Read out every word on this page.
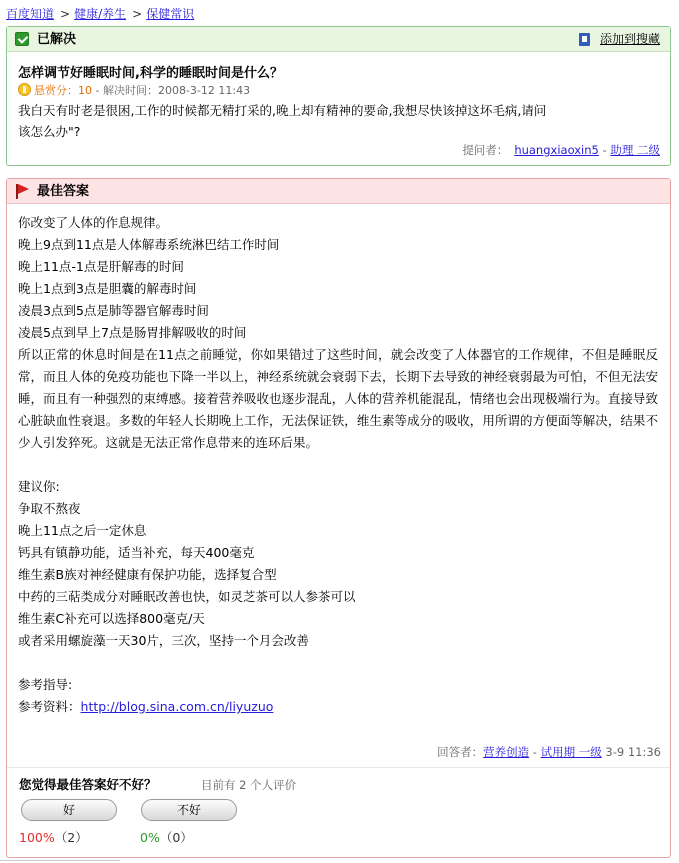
百度知道 > 健康/养生 > 保健常识
已解决	添加到搜藏
怎样调节好睡眠时间,科学的睡眠时间是什么？
悬赏分：10 - 解决时间：2008-3-12 11:43
我白天有时老是很困,工作的时候都无精打采的,晚上却有精神的要命,我想尽快该掉这坏毛病,请问
该怎么办"?
提问者： huangxiaoxin5 - 助理 二级
最佳答案
你改变了人体的作息规律。
晚上9点到11点是人体解毒系统淋巴结工作时间
晚上11点-1点是肝解毒的时间
晚上1点到3点是胆囊的解毒时间
凌晨3点到5点是肺等器官解毒时间
凌晨5点到早上7点是肠胃排解吸收的时间
所以正常的休息时间是在11点之前睡觉，你如果错过了这些时间，就会改变了人体器官的工作规律，不但是睡眠反常，而且人体的免疫功能也下降一半以上，神经系统就会衰弱下去，长期下去导致的神经衰弱最为可怕，不但无法安睡，而且有一种强烈的束缚感。接着营养吸收也逐步混乱，人体的营养机能混乱，情绪也会出现极端行为。直接导致心脏缺血性衰退。多数的年轻人长期晚上工作，无法保证铁，维生素等成分的吸收，用所谓的方便面等解决，结果不少人引发猝死。这就是无法正常作息带来的连环后果。
建议你:
争取不熬夜
晚上11点之后一定休息
钙具有镇静功能，适当补充，每天400毫克
维生素B族对神经健康有保护功能，选择复合型
中药的三萜类成分对睡眠改善也快，如灵芝茶可以人参茶可以
维生素C补充可以选择800毫克/天
或者采用螺旋藻一天30片，三次，坚持一个月会改善
参考指导:
参考资料：http://blog.sina.com.cn/liyuzuo
回答者：营养创造 - 试用期 一级 3-9 11:36
您觉得最佳答案好不好？	目前有 2 个人评价
好	不好
100%（2）	0%（0）
